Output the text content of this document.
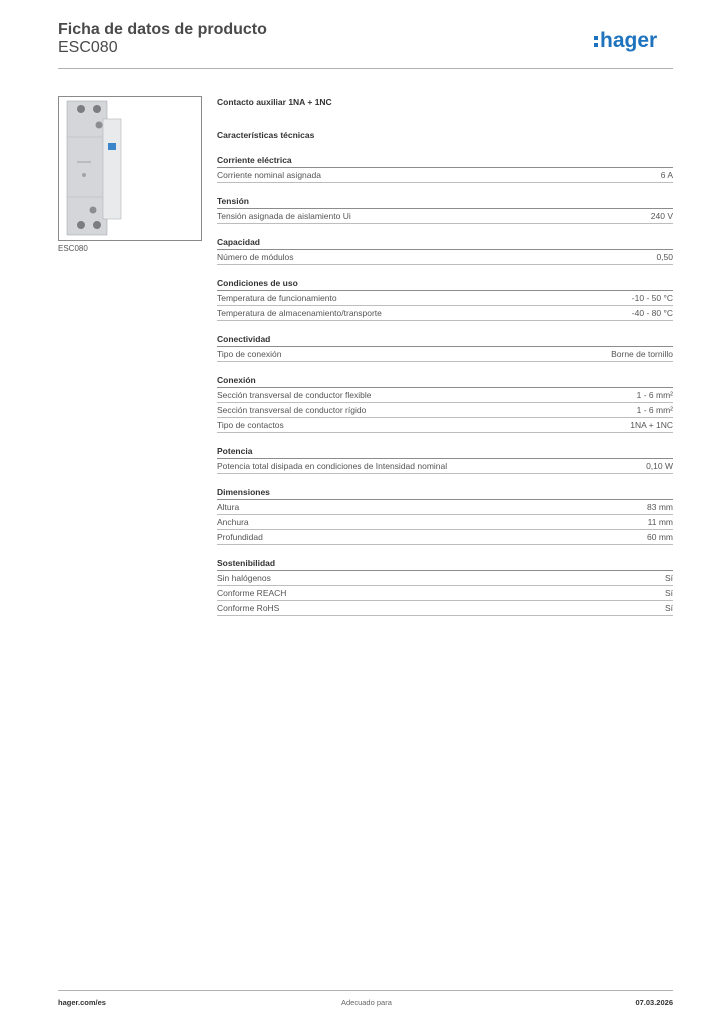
Ficha de datos de producto
ESC080	hager
ESC080
Contacto auxiliar 1NA + 1NC
Características técnicas
Corriente eléctrica
Corriente nominal asignada	6 A
Tensión
Tensión asignada de aislamiento Ui	240 V
Capacidad
Número de módulos	0,50
Condiciones de uso
Temperatura de funcionamiento	-10 - 50 °C
Temperatura de almacenamiento/transporte	-40 - 80 °C
Conectividad
Tipo de conexión	Borne de tornillo
Conexión
Sección transversal de conductor flexible	1 - 6 mm²
Sección transversal de conductor rígido	1 - 6 mm²
Tipo de contactos	1NA + 1NC
Potencia
Potencia total disipada en condiciones de Intensidad nominal	0,10 W
Dimensiones
Altura	83 mm
Anchura	11 mm
Profundidad	60 mm
Sostenibilidad
Sin halógenos	Sí
Conforme REACH	Sí
Conforme RoHS	Sí
hager.com/es	Adecuado para	07.03.2026
